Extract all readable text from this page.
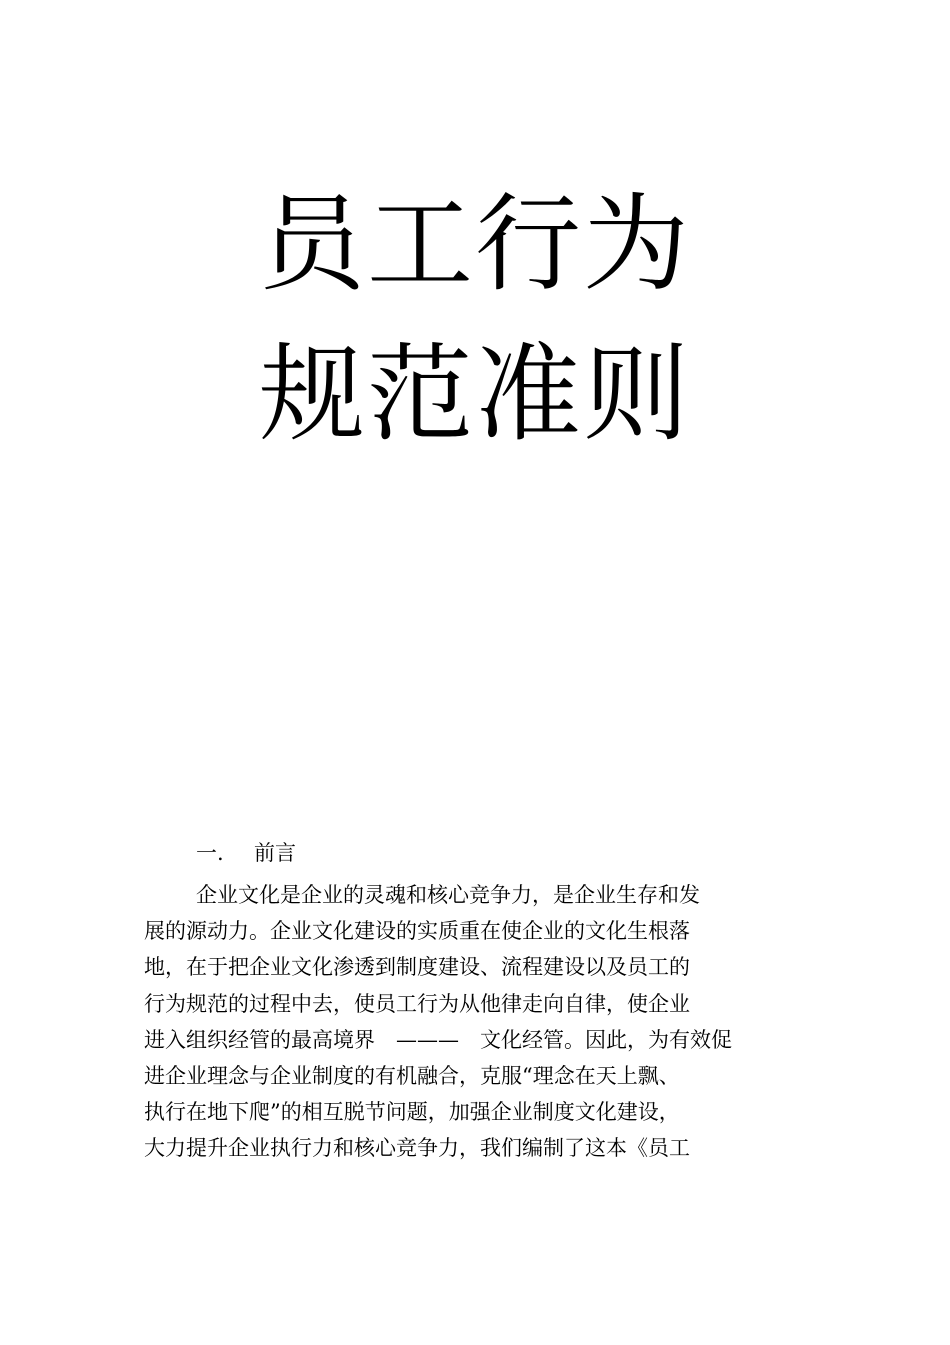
员工行为
规范准则
一. 前言
企业文化是企业的灵魂和核心竞争力，是企业生存和发
展的源动力。企业文化建设的实质重在使企业的文化生根落
地，在于把企业文化渗透到制度建设、流程建设以及员工的
行为规范的过程中去，使员工行为从他律走向自律，使企业
进入组织经管的最高境界　———　文化经管。因此，为有效促
进企业理念与企业制度的有机融合，克服“理念在天上飘、
执行在地下爬”的相互脱节问题，加强企业制度文化建设，
大力提升企业执行力和核心竞争力，我们编制了这本《员工
